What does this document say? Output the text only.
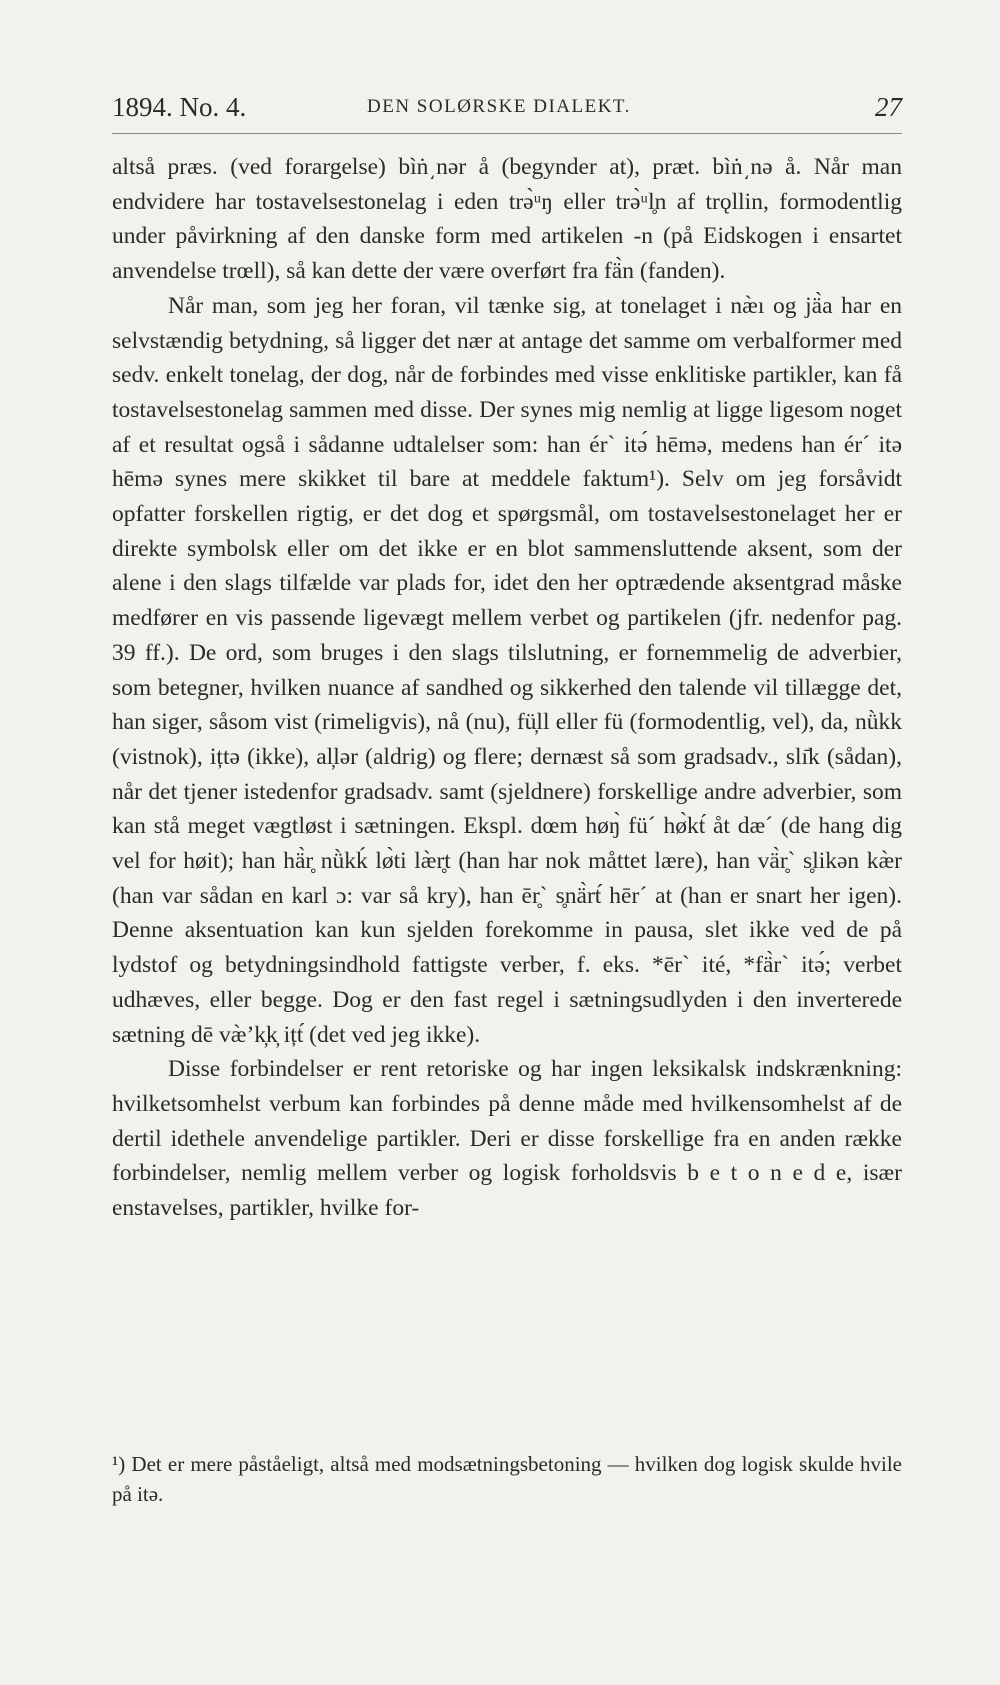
1894. No. 4.	DEN SOLØRSKE DIALEKT.	27

altså præs. (ved forargelse) bìṅ͵nər å (begynder at), præt. bìṅ͵nə å. Når man endvidere har tostavelsestonelag i eden trə̀ᵘŋ eller trə̀ᵘl̥n af trǫllin, formodentlig under påvirkning af den danske form med artikelen -n (på Eidskogen i ensartet anvendelse trœll), så kan dette der være overført fra fä̀n (fanden).

Når man, som jeg her foran, vil tænke sig, at tonelaget i næ̀ı og jä̀a har en selvstændig betydning, så ligger det nær at antage det samme om verbalformer med sedv. enkelt tonelag, der dog, når de forbindes med visse enklitiske partikler, kan få tostavelsestonelag sammen med disse. Der synes mig nemlig at ligge ligesom noget af et resultat også i sådanne udtalelser som: han ér` itə́ hēmə, medens han ér´ itə hēmə synes mere skikket til bare at meddele faktum¹). Selv om jeg forsåvidt opfatter forskellen rigtig, er det dog et spørgsmål, om tostavelsestonelaget her er direkte symbolsk eller om det ikke er en blot sammensluttende aksent, som der alene i den slags tilfælde var plads for, idet den her optrædende aksentgrad måske medfører en vis passende ligevægt mellem verbet og partikelen (jfr. nedenfor pag. 39 ff.). De ord, som bruges i den slags tilslutning, er fornemmelig de adverbier, som betegner, hvilken nuance af sandhed og sikkerhed den talende vil tillægge det, han siger, såsom vist (rimeligvis), nå (nu), fü̦ll eller fü (formodentlig, vel), da, nǜkk (vistnok), ițtə (ikke), al̦lər (aldrig) og flere; dernæst så som gradsadv., slı̄k (sådan), når det tjener istedenfor gradsadv. samt (sjeldnere) forskellige andre adverbier, som kan stå meget vægtløst i sætningen. Ekspl. dœm høŋ̀ fü´ hø̀kt́ åt dæ´ (de hang dig vel for høit); han hä̀r̥ nǜkḱ lø̀ti læ̀r̥t (han har nok måttet lære), han vä̀r̥` s̥likən kæ̀r (han var sådan en karl ɔ: var så kry), han ēr̥` s̥nä̀rt́ hēr´ at (han er snart her igen). Denne aksentuation kan kun sjelden forekomme in pausa, slet ikke ved de på lydstof og betydningsindhold fattigste verber, f. eks. *ēr` ité, *fä̀r` itə́; verbet udhæves, eller begge. Dog er den fast regel i sætningsudlyden i den inverterede sætning dē væ̀ʼk̦k̦ ițt́ (det ved jeg ikke).

Disse forbindelser er rent retoriske og har ingen leksikalsk indskrænkning: hvilketsomhelst verbum kan forbindes på denne måde med hvilkensomhelst af de dertil idethele anvendelige partikler. Deri er disse forskellige fra en anden række forbindelser, nemlig mellem verber og logisk forholdsvis b e t o n e d e, især enstavelses, partikler, hvilke for-

¹) Det er mere påståeligt, altså med modsætningsbetoning — hvilken dog logisk skulde hvile på itə.
